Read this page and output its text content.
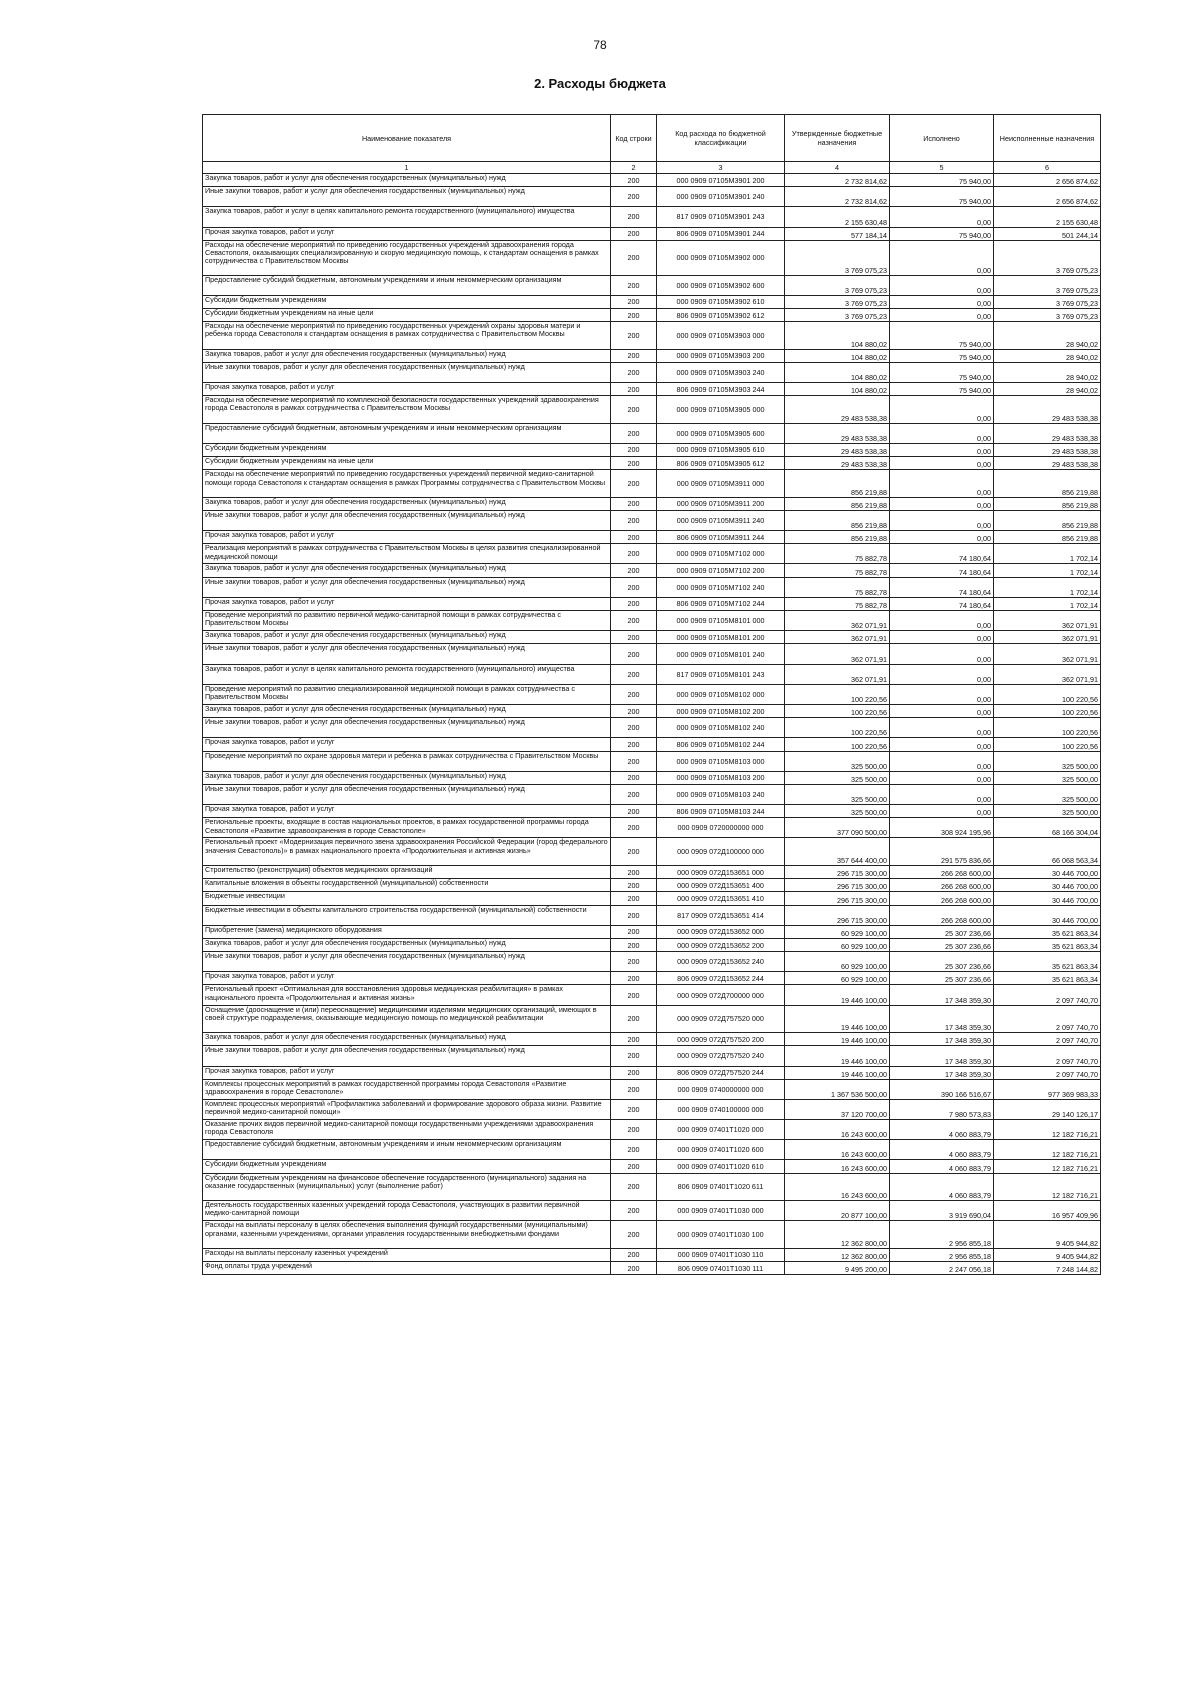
78
2. Расходы бюджета
Наименование показателя	Код строки	Код расхода по бюджетной классификации	Утвержденные бюджетные назначения	Исполнено	Неисполненные назначения
1	2	3	4	5	6
Закупка товаров, работ и услуг для обеспечения государственных (муниципальных) нужд	200	000 0909 07105M3901 200	2 732 814,62	75 940,00	2 656 874,62
Иные закупки товаров, работ и услуг для обеспечения государственных (муниципальных) нужд	200	000 0909 07105M3901 240	2 732 814,62	75 940,00	2 656 874,62
Закупка товаров, работ и услуг в целях капитального ремонта государственного (муниципального) имущества	200	817 0909 07105M3901 243	2 155 630,48	0,00	2 155 630,48
Прочая закупка товаров, работ и услуг	200	806 0909 07105M3901 244	577 184,14	75 940,00	501 244,14
Расходы на обеспечение мероприятий по приведению государственных учреждений здравоохранения города Севастополя, оказывающих специализированную и скорую медицинскую помощь, к стандартам оснащения в рамках сотрудничества с Правительством Москвы	200	000 0909 07105M3902 000	3 769 075,23	0,00	3 769 075,23
Предоставление субсидий бюджетным, автономным учреждениям и иным некоммерческим организациям	200	000 0909 07105M3902 600	3 769 075,23	0,00	3 769 075,23
Субсидии бюджетным учреждениям	200	000 0909 07105M3902 610	3 769 075,23	0,00	3 769 075,23
Субсидии бюджетным учреждениям на иные цели	200	806 0909 07105M3902 612	3 769 075,23	0,00	3 769 075,23
Расходы на обеспечение мероприятий по приведению государственных учреждений охраны здоровья матери и ребенка города Севастополя к стандартам оснащения в рамках сотрудничества с Правительством Москвы	200	000 0909 07105M3903 000	104 880,02	75 940,00	28 940,02
Закупка товаров, работ и услуг для обеспечения государственных (муниципальных) нужд	200	000 0909 07105M3903 200	104 880,02	75 940,00	28 940,02
Иные закупки товаров, работ и услуг для обеспечения государственных (муниципальных) нужд	200	000 0909 07105M3903 240	104 880,02	75 940,00	28 940,02
Прочая закупка товаров, работ и услуг	200	806 0909 07105M3903 244	104 880,02	75 940,00	28 940,02
Расходы на обеспечение мероприятий по комплексной безопасности государственных учреждений здравоохранения города Севастополя в рамках сотрудничества с Правительством Москвы	200	000 0909 07105M3905 000	29 483 538,38	0,00	29 483 538,38
Предоставление субсидий бюджетным, автономным учреждениям и иным некоммерческим организациям	200	000 0909 07105M3905 600	29 483 538,38	0,00	29 483 538,38
Субсидии бюджетным учреждениям	200	000 0909 07105M3905 610	29 483 538,38	0,00	29 483 538,38
Субсидии бюджетным учреждениям на иные цели	200	806 0909 07105M3905 612	29 483 538,38	0,00	29 483 538,38
Расходы на обеспечение мероприятий по приведению государственных учреждений первичной медико-санитарной помощи города Севастополя к стандартам оснащения в рамках Программы сотрудничества с Правительством Москвы	200	000 0909 07105M3911 000	856 219,88	0,00	856 219,88
Закупка товаров, работ и услуг для обеспечения государственных (муниципальных) нужд	200	000 0909 07105M3911 200	856 219,88	0,00	856 219,88
Иные закупки товаров, работ и услуг для обеспечения государственных (муниципальных) нужд	200	000 0909 07105M3911 240	856 219,88	0,00	856 219,88
Прочая закупка товаров, работ и услуг	200	806 0909 07105M3911 244	856 219,88	0,00	856 219,88
Реализация мероприятий в рамках сотрудничества с Правительством Москвы в целях развития специализированной медицинской помощи	200	000 0909 07105M7102 000	75 882,78	74 180,64	1 702,14
Закупка товаров, работ и услуг для обеспечения государственных (муниципальных) нужд	200	000 0909 07105M7102 200	75 882,78	74 180,64	1 702,14
Иные закупки товаров, работ и услуг для обеспечения государственных (муниципальных) нужд	200	000 0909 07105M7102 240	75 882,78	74 180,64	1 702,14
Прочая закупка товаров, работ и услуг	200	806 0909 07105M7102 244	75 882,78	74 180,64	1 702,14
Проведение мероприятий по развитию первичной медико-санитарной помощи в рамках сотрудничества с Правительством Москвы	200	000 0909 07105M8101 000	362 071,91	0,00	362 071,91
Закупка товаров, работ и услуг для обеспечения государственных (муниципальных) нужд	200	000 0909 07105M8101 200	362 071,91	0,00	362 071,91
Иные закупки товаров, работ и услуг для обеспечения государственных (муниципальных) нужд	200	000 0909 07105M8101 240	362 071,91	0,00	362 071,91
Закупка товаров, работ и услуг в целях капитального ремонта государственного (муниципального) имущества	200	817 0909 07105M8101 243	362 071,91	0,00	362 071,91
Проведение мероприятий по развитию специализированной медицинской помощи в рамках сотрудничества с Правительством Москвы	200	000 0909 07105M8102 000	100 220,56	0,00	100 220,56
Закупка товаров, работ и услуг для обеспечения государственных (муниципальных) нужд	200	000 0909 07105M8102 200	100 220,56	0,00	100 220,56
Иные закупки товаров, работ и услуг для обеспечения государственных (муниципальных) нужд	200	000 0909 07105M8102 240	100 220,56	0,00	100 220,56
Прочая закупка товаров, работ и услуг	200	806 0909 07105M8102 244	100 220,56	0,00	100 220,56
Проведение мероприятий по охране здоровья матери и ребенка в рамках сотрудничества с Правительством Москвы	200	000 0909 07105M8103 000	325 500,00	0,00	325 500,00
Закупка товаров, работ и услуг для обеспечения государственных (муниципальных) нужд	200	000 0909 07105M8103 200	325 500,00	0,00	325 500,00
Иные закупки товаров, работ и услуг для обеспечения государственных (муниципальных) нужд	200	000 0909 07105M8103 240	325 500,00	0,00	325 500,00
Прочая закупка товаров, работ и услуг	200	806 0909 07105M8103 244	325 500,00	0,00	325 500,00
Региональные проекты, входящие в состав национальных проектов, в рамках государственной программы города Севастополя «Развитие здравоохранения в городе Севастополе»	200	000 0909 0720000000 000	377 090 500,00	308 924 195,96	68 166 304,04
Региональный проект «Модернизация первичного звена здравоохранения Российской Федерации (город федерального значения Севастополь)» в рамках национального проекта «Продолжительная и активная жизнь»	200	000 0909 072Д100000 000	357 644 400,00	291 575 836,66	66 068 563,34
Строительство (реконструкция) объектов медицинских организаций	200	000 0909 072Д153651 000	296 715 300,00	266 268 600,00	30 446 700,00
Капитальные вложения в объекты государственной (муниципальной) собственности	200	000 0909 072Д153651 400	296 715 300,00	266 268 600,00	30 446 700,00
Бюджетные инвестиции	200	000 0909 072Д153651 410	296 715 300,00	266 268 600,00	30 446 700,00
Бюджетные инвестиции в объекты капитального строительства государственной (муниципальной) собственности	200	817 0909 072Д153651 414	296 715 300,00	266 268 600,00	30 446 700,00
Приобретение (замена) медицинского оборудования	200	000 0909 072Д153652 000	60 929 100,00	25 307 236,66	35 621 863,34
Закупка товаров, работ и услуг для обеспечения государственных (муниципальных) нужд	200	000 0909 072Д153652 200	60 929 100,00	25 307 236,66	35 621 863,34
Иные закупки товаров, работ и услуг для обеспечения государственных (муниципальных) нужд	200	000 0909 072Д153652 240	60 929 100,00	25 307 236,66	35 621 863,34
Прочая закупка товаров, работ и услуг	200	806 0909 072Д153652 244	60 929 100,00	25 307 236,66	35 621 863,34
Региональный проект «Оптимальная для восстановления здоровья медицинская реабилитация» в рамках национального проекта «Продолжительная и активная жизнь»	200	000 0909 072Д700000 000	19 446 100,00	17 348 359,30	2 097 740,70
Оснащение (дооснащение и (или) переоснащение) медицинскими изделиями медицинских организаций, имеющих в своей структуре подразделения, оказывающие медицинскую помощь по медицинской реабилитации	200	000 0909 072Д757520 000	19 446 100,00	17 348 359,30	2 097 740,70
Закупка товаров, работ и услуг для обеспечения государственных (муниципальных) нужд	200	000 0909 072Д757520 200	19 446 100,00	17 348 359,30	2 097 740,70
Иные закупки товаров, работ и услуг для обеспечения государственных (муниципальных) нужд	200	000 0909 072Д757520 240	19 446 100,00	17 348 359,30	2 097 740,70
Прочая закупка товаров, работ и услуг	200	806 0909 072Д757520 244	19 446 100,00	17 348 359,30	2 097 740,70
Комплексы процессных мероприятий в рамках государственной программы города Севастополя «Развитие здравоохранения в городе Севастополе»	200	000 0909 0740000000 000	1 367 536 500,00	390 166 516,67	977 369 983,33
Комплекс процессных мероприятий «Профилактика заболеваний и формирование здорового образа жизни. Развитие первичной медико-санитарной помощи»	200	000 0909 0740100000 000	37 120 700,00	7 980 573,83	29 140 126,17
Оказание прочих видов первичной медико-санитарной помощи государственными учреждениями здравоохранения города Севастополя	200	000 0909 07401T1020 000	16 243 600,00	4 060 883,79	12 182 716,21
Предоставление субсидий бюджетным, автономным учреждениям и иным некоммерческим организациям	200	000 0909 07401T1020 600	16 243 600,00	4 060 883,79	12 182 716,21
Субсидии бюджетным учреждениям	200	000 0909 07401T1020 610	16 243 600,00	4 060 883,79	12 182 716,21
Субсидии бюджетным учреждениям на финансовое обеспечение государственного (муниципального) задания на оказание государственных (муниципальных) услуг (выполнение работ)	200	806 0909 07401T1020 611	16 243 600,00	4 060 883,79	12 182 716,21
Деятельность государственных казенных учреждений города Севастополя, участвующих в развитии первичной медико-санитарной помощи	200	000 0909 07401T1030 000	20 877 100,00	3 919 690,04	16 957 409,96
Расходы на выплаты персоналу в целях обеспечения выполнения функций государственными (муниципальными) органами, казенными учреждениями, органами управления государственными внебюджетными фондами	200	000 0909 07401T1030 100	12 362 800,00	2 956 855,18	9 405 944,82
Расходы на выплаты персоналу казенных учреждений	200	000 0909 07401T1030 110	12 362 800,00	2 956 855,18	9 405 944,82
Фонд оплаты труда учреждений	200	806 0909 07401T1030 111	9 495 200,00	2 247 056,18	7 248 144,82
